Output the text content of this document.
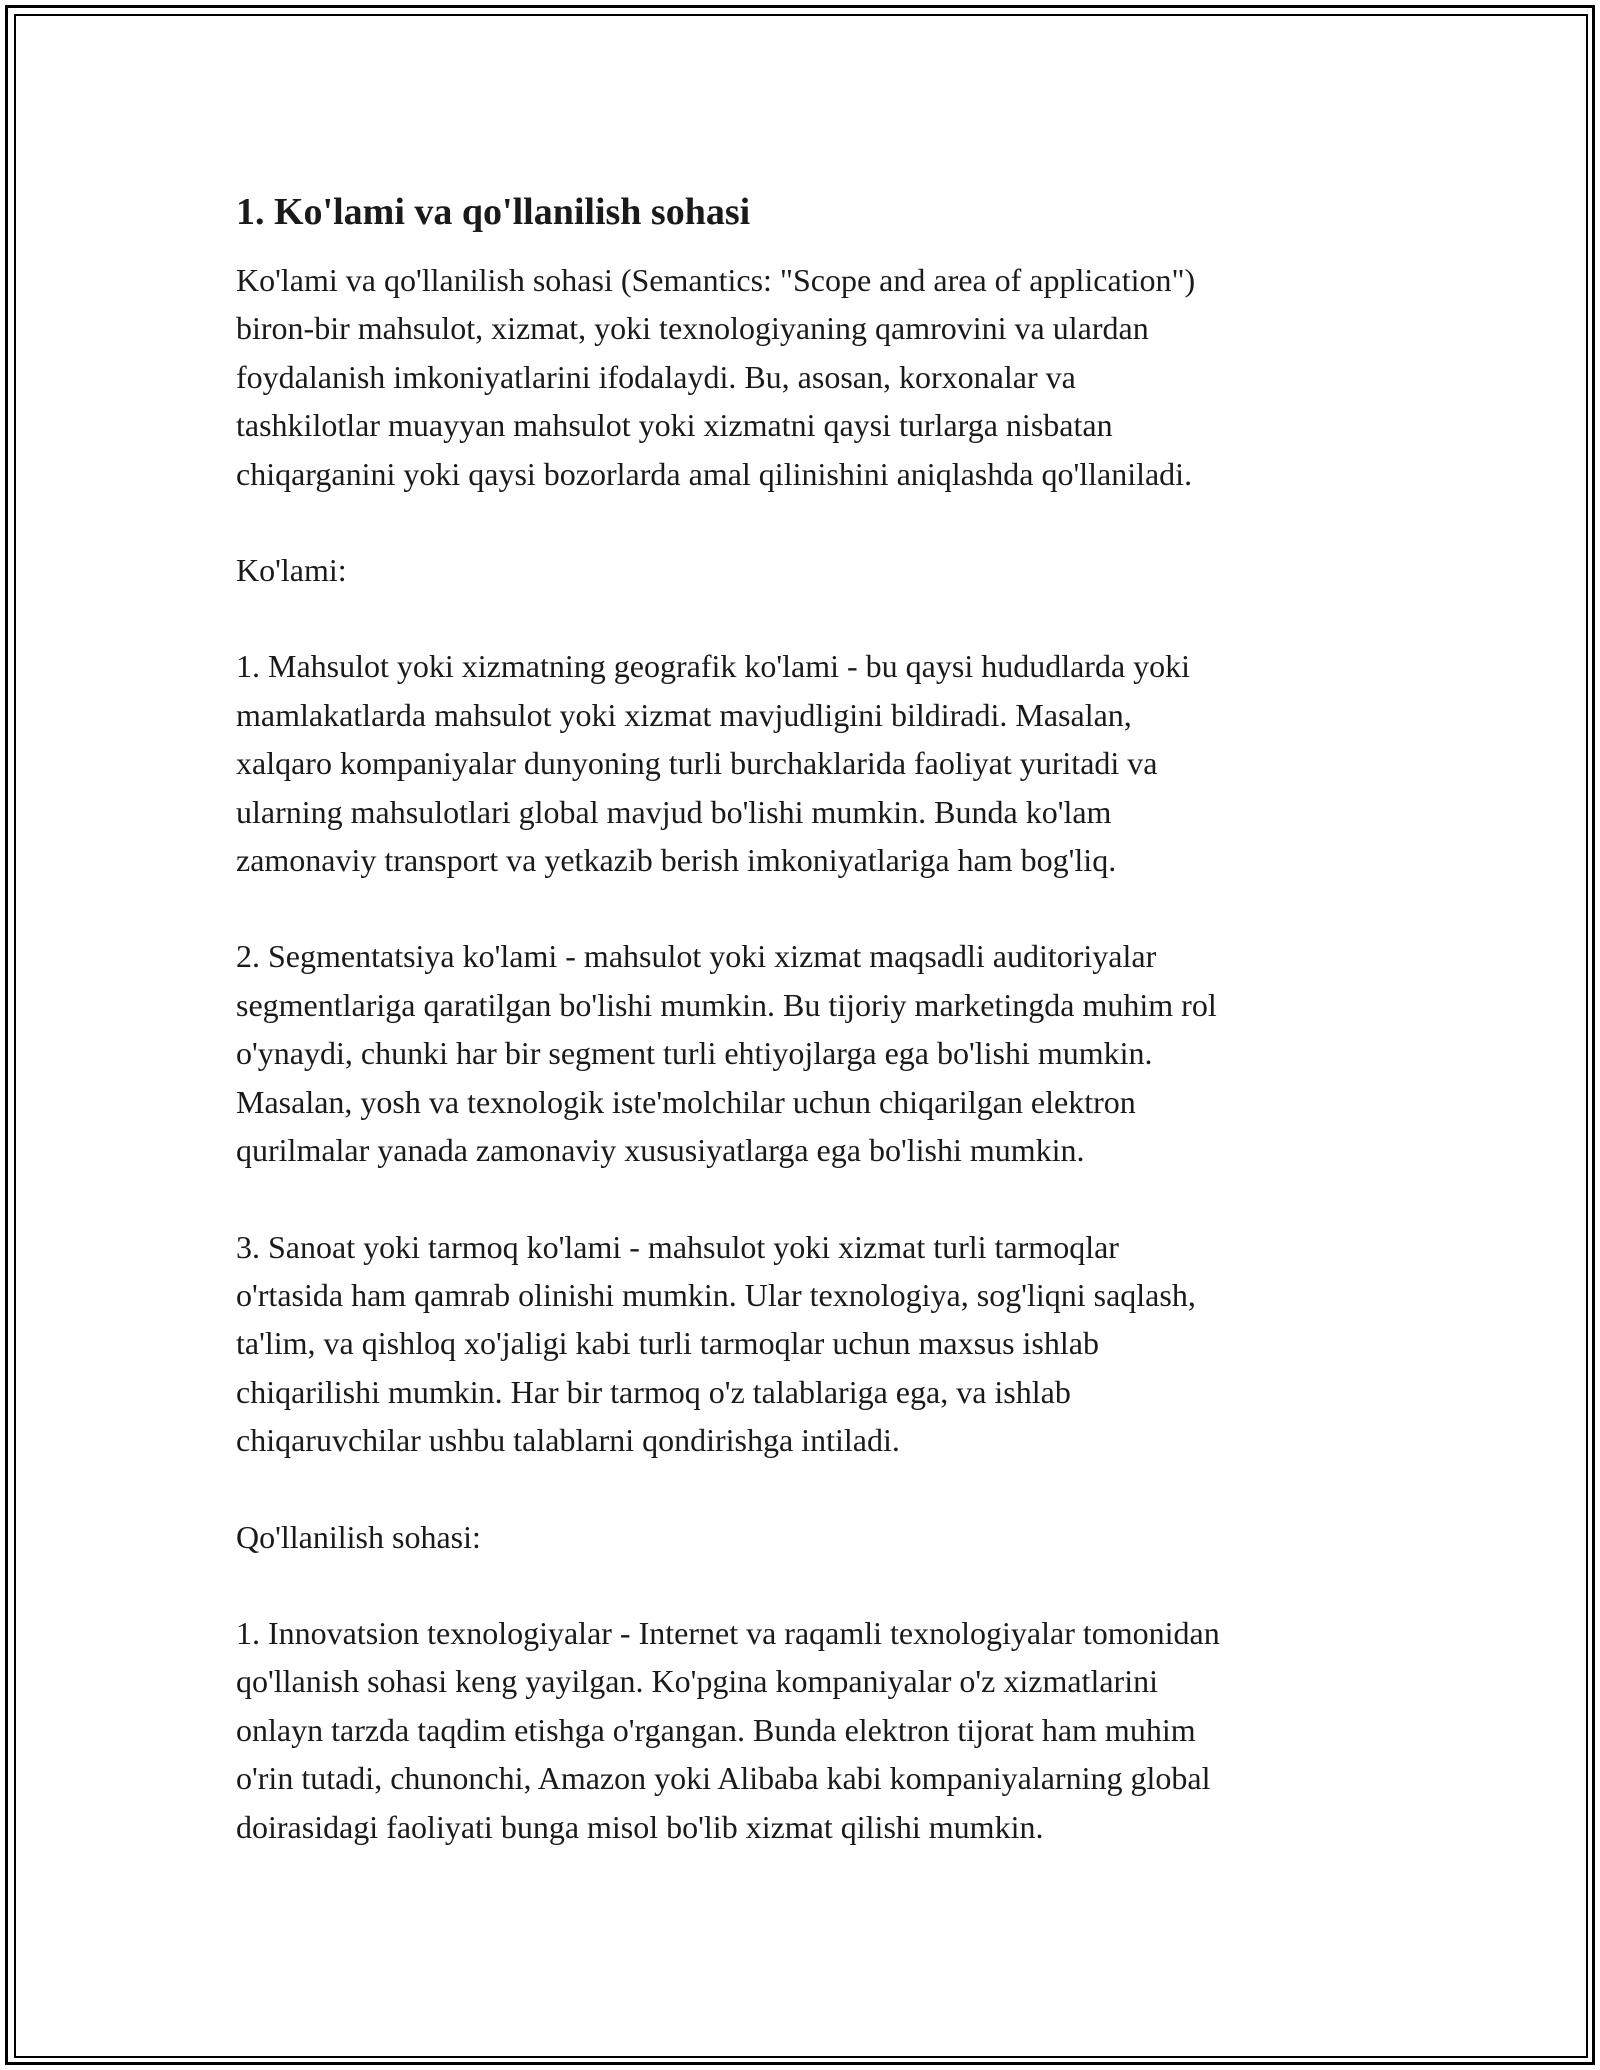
1. Ko'lami va qo'llanilish sohasi

Ko'lami va qo'llanilish sohasi (Semantics: "Scope and area of application")
biron-bir mahsulot, xizmat, yoki texnologiyaning qamrovini va ulardan
foydalanish imkoniyatlarini ifodalaydi. Bu, asosan, korxonalar va
tashkilotlar muayyan mahsulot yoki xizmatni qaysi turlarga nisbatan
chiqarganini yoki qaysi bozorlarda amal qilinishini aniqlashda qo'llaniladi.

Ko'lami:

1. Mahsulot yoki xizmatning geografik ko'lami - bu qaysi hududlarda yoki
mamlakatlarda mahsulot yoki xizmat mavjudligini bildiradi. Masalan,
xalqaro kompaniyalar dunyoning turli burchaklarida faoliyat yuritadi va
ularning mahsulotlari global mavjud bo'lishi mumkin. Bunda ko'lam
zamonaviy transport va yetkazib berish imkoniyatlariga ham bog'liq.

2. Segmentatsiya ko'lami - mahsulot yoki xizmat maqsadli auditoriyalar
segmentlariga qaratilgan bo'lishi mumkin. Bu tijoriy marketingda muhim rol
o'ynaydi, chunki har bir segment turli ehtiyojlarga ega bo'lishi mumkin.
Masalan, yosh va texnologik iste'molchilar uchun chiqarilgan elektron
qurilmalar yanada zamonaviy xususiyatlarga ega bo'lishi mumkin.

3. Sanoat yoki tarmoq ko'lami - mahsulot yoki xizmat turli tarmoqlar
o'rtasida ham qamrab olinishi mumkin. Ular texnologiya, sog'liqni saqlash,
ta'lim, va qishloq xo'jaligi kabi turli tarmoqlar uchun maxsus ishlab
chiqarilishi mumkin. Har bir tarmoq o'z talablariga ega, va ishlab
chiqaruvchilar ushbu talablarni qondirishga intiladi.

Qo'llanilish sohasi:

1. Innovatsion texnologiyalar - Internet va raqamli texnologiyalar tomonidan
qo'llanish sohasi keng yayilgan. Ko'pgina kompaniyalar o'z xizmatlarini
onlayn tarzda taqdim etishga o'rgangan. Bunda elektron tijorat ham muhim
o'rin tutadi, chunonchi, Amazon yoki Alibaba kabi kompaniyalarning global
doirasidagi faoliyati bunga misol bo'lib xizmat qilishi mumkin.
